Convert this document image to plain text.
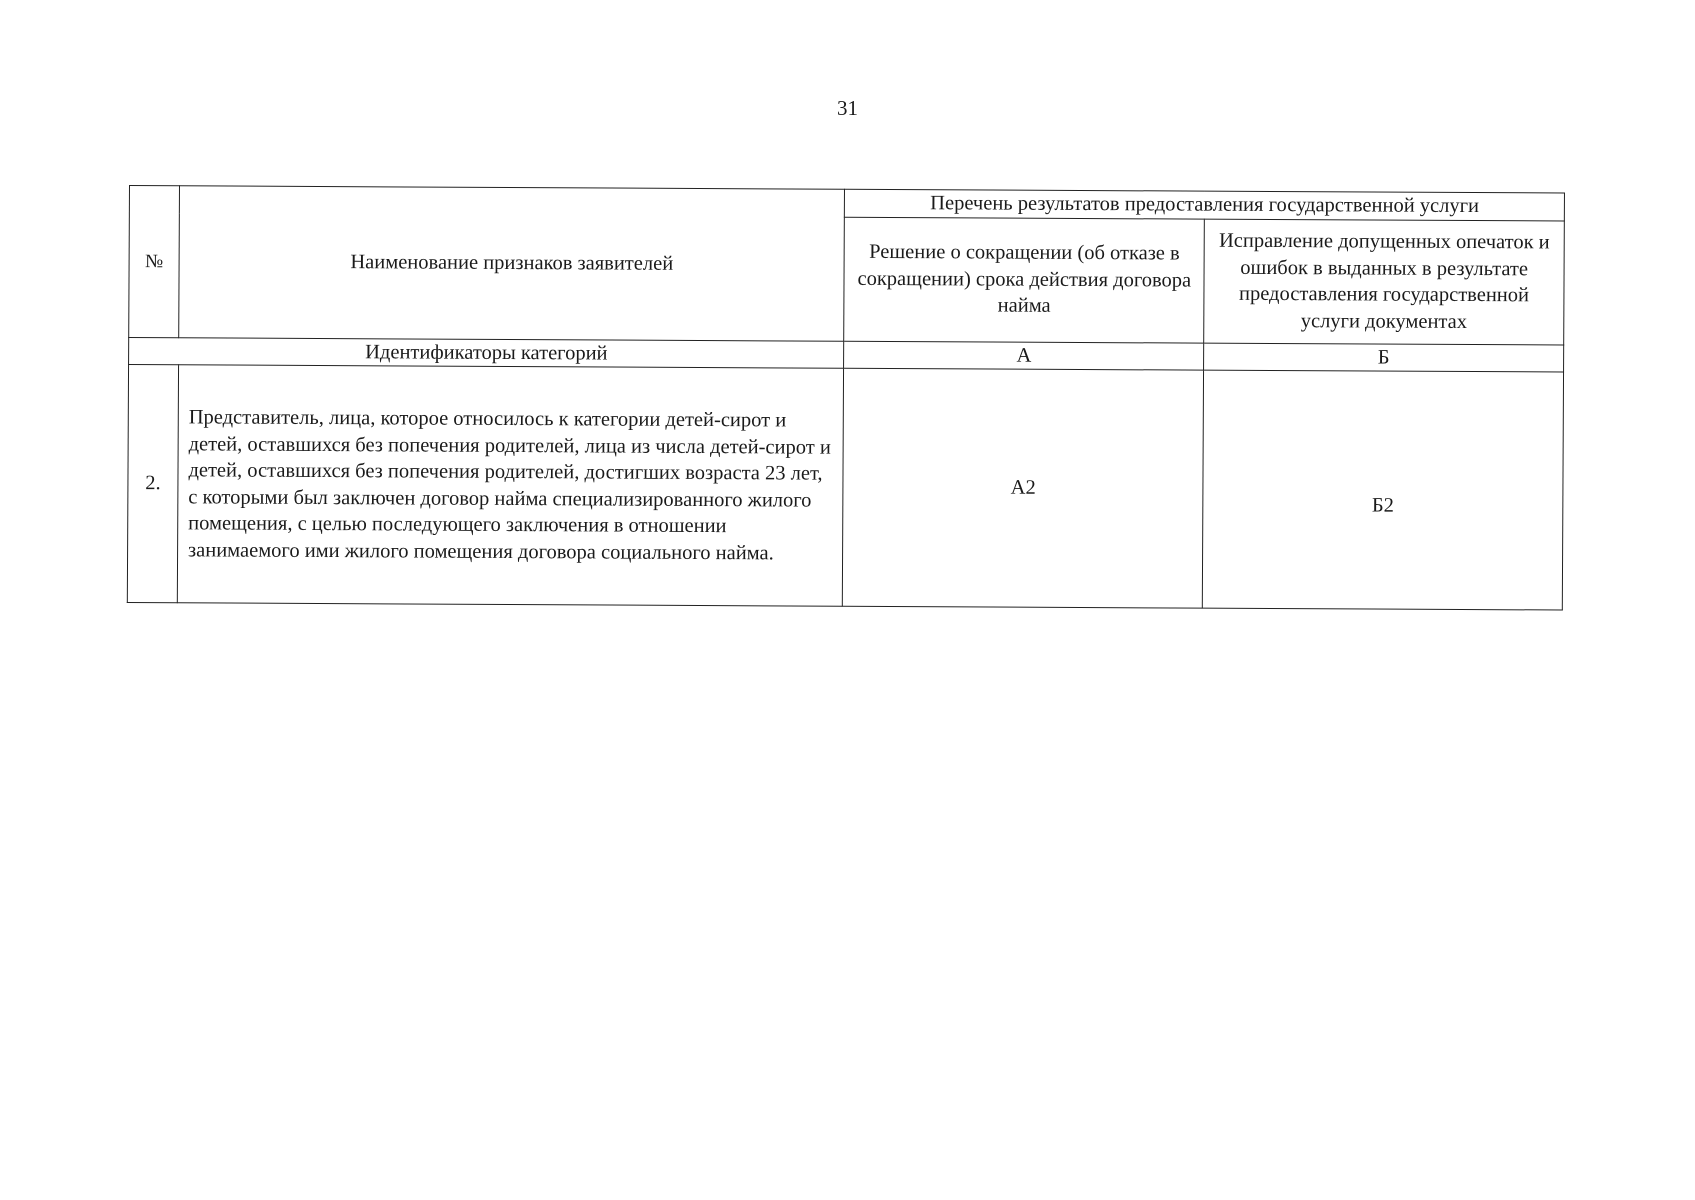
31
№	Наименование признаков заявителей	Перечень результатов предоставления государственной услуги	
		Решение о сокращении (об отказе в сокращении) срока действия договора найма	Исправление допущенных опечаток и ошибок в выданных в результате предоставления государственной услуги документах
Идентификаторы категорий		А	Б
2.	Представитель, лица, которое относилось к категории детей-сирот и детей, оставшихся без попечения родителей, лица из числа детей-сирот и детей, оставшихся без попечения родителей, достигших возраста 23 лет, с которыми был заключен договор найма специализированного жилого помещения, с целью последующего заключения в отношении занимаемого ими жилого помещения договора социального найма.	А2	Б2
